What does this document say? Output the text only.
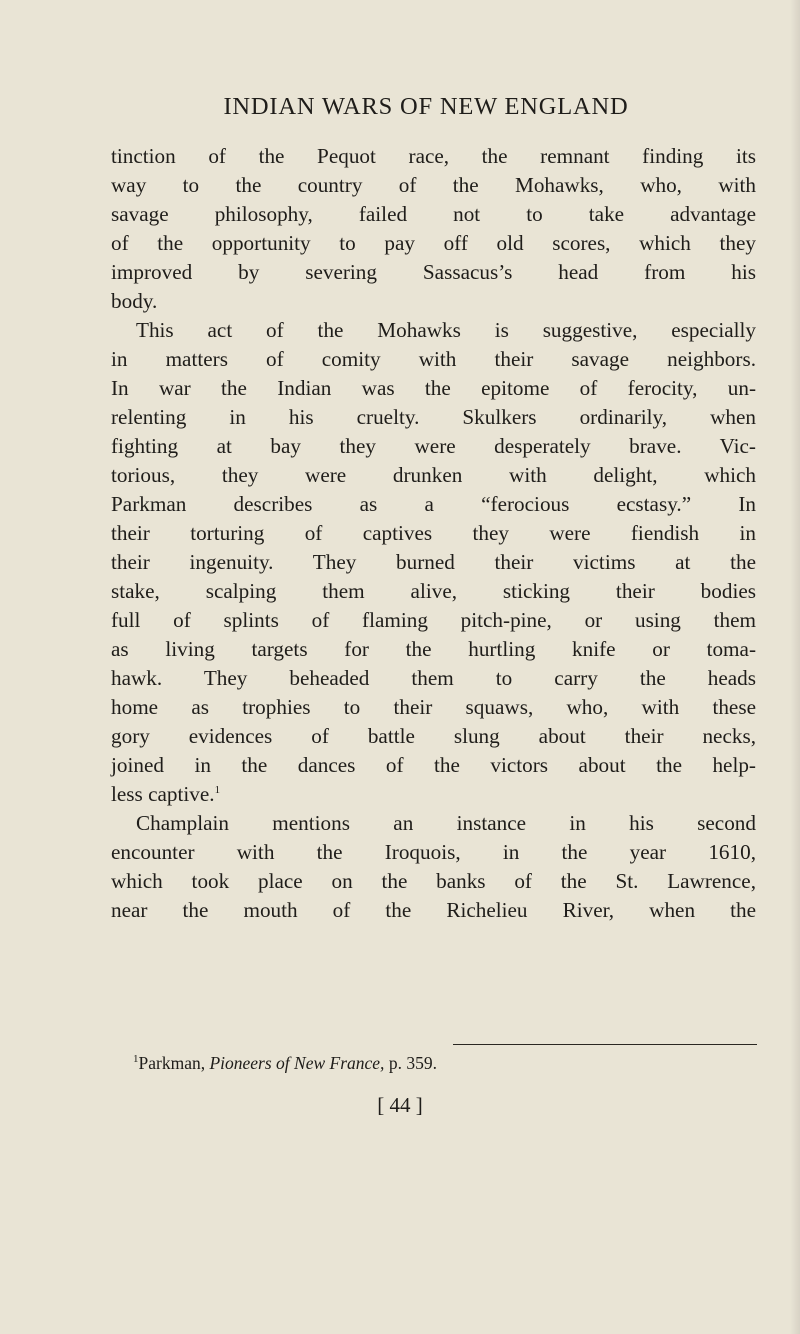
INDIAN WARS OF NEW ENGLAND
tinction of the Pequot race, the remnant finding its
way to the country of the Mohawks, who, with
savage philosophy, failed not to take advantage
of the opportunity to pay off old scores, which they
improved by severing Sassacus’s head from his
body.
This act of the Mohawks is suggestive, especially
in matters of comity with their savage neighbors.
In war the Indian was the epitome of ferocity, un-
relenting in his cruelty. Skulkers ordinarily, when
fighting at bay they were desperately brave. Vic-
torious, they were drunken with delight, which
Parkman describes as a “ferocious ecstasy.” In
their torturing of captives they were fiendish in
their ingenuity. They burned their victims at the
stake, scalping them alive, sticking their bodies
full of splints of flaming pitch-pine, or using them
as living targets for the hurtling knife or toma-
hawk. They beheaded them to carry the heads
home as trophies to their squaws, who, with these
gory evidences of battle slung about their necks,
joined in the dances of the victors about the help-
less captive.$^1$
Champlain mentions an instance in his second
encounter with the Iroquois, in the year 1610,
which took place on the banks of the St. Lawrence,
near the mouth of the Richelieu River, when the
$^1$Parkman, Pioneers of New France, p. 359.
[ 44 ]
